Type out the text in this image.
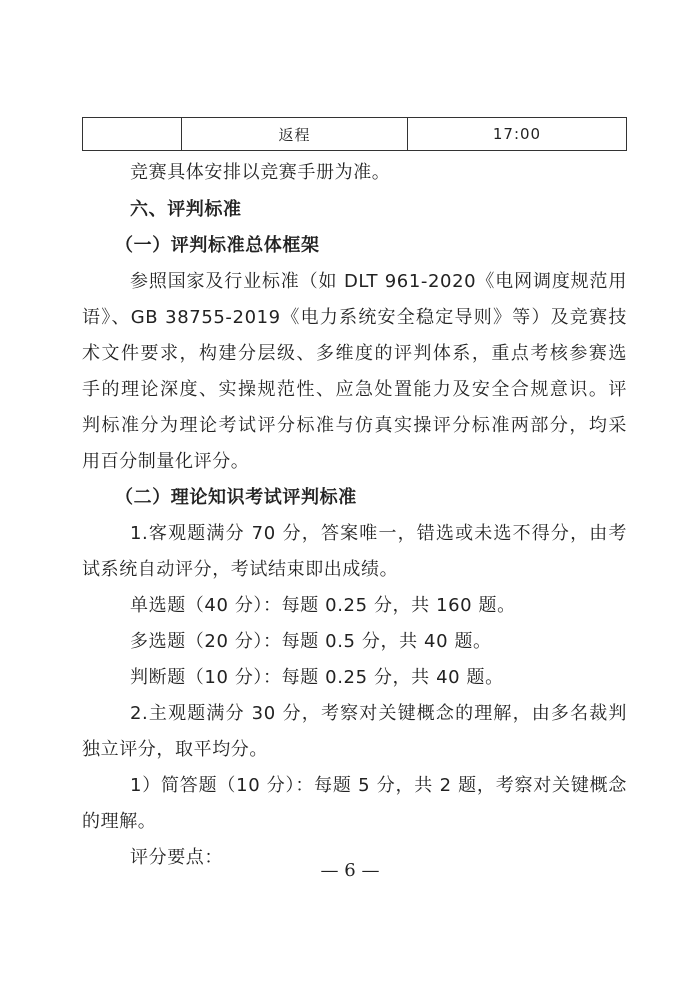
	返程	17:00
竞赛具体安排以竞赛手册为准。
六、评判标准
（一）评判标准总体框架
参照国家及行业标准（如 DLT 961-2020《电网调度规范用
语》、GB 38755-2019《电力系统安全稳定导则》等）及竞赛技
术文件要求，构建分层级、多维度的评判体系，重点考核参赛选
手的理论深度、实操规范性、应急处置能力及安全合规意识。评
判标准分为理论考试评分标准与仿真实操评分标准两部分，均采
用百分制量化评分。
（二）理论知识考试评判标准
1.客观题满分 70 分，答案唯一，错选或未选不得分，由考
试系统自动评分，考试结束即出成绩。
单选题（40 分）：每题 0.25 分，共 160 题。
多选题（20 分）：每题 0.5 分，共 40 题。
判断题（10 分）：每题 0.25 分，共 40 题。
2.主观题满分 30 分，考察对关键概念的理解，由多名裁判
独立评分，取平均分。
1）简答题（10 分）：每题 5 分，共 2 题，考察对关键概念
的理解。
评分要点：
— 6 —
